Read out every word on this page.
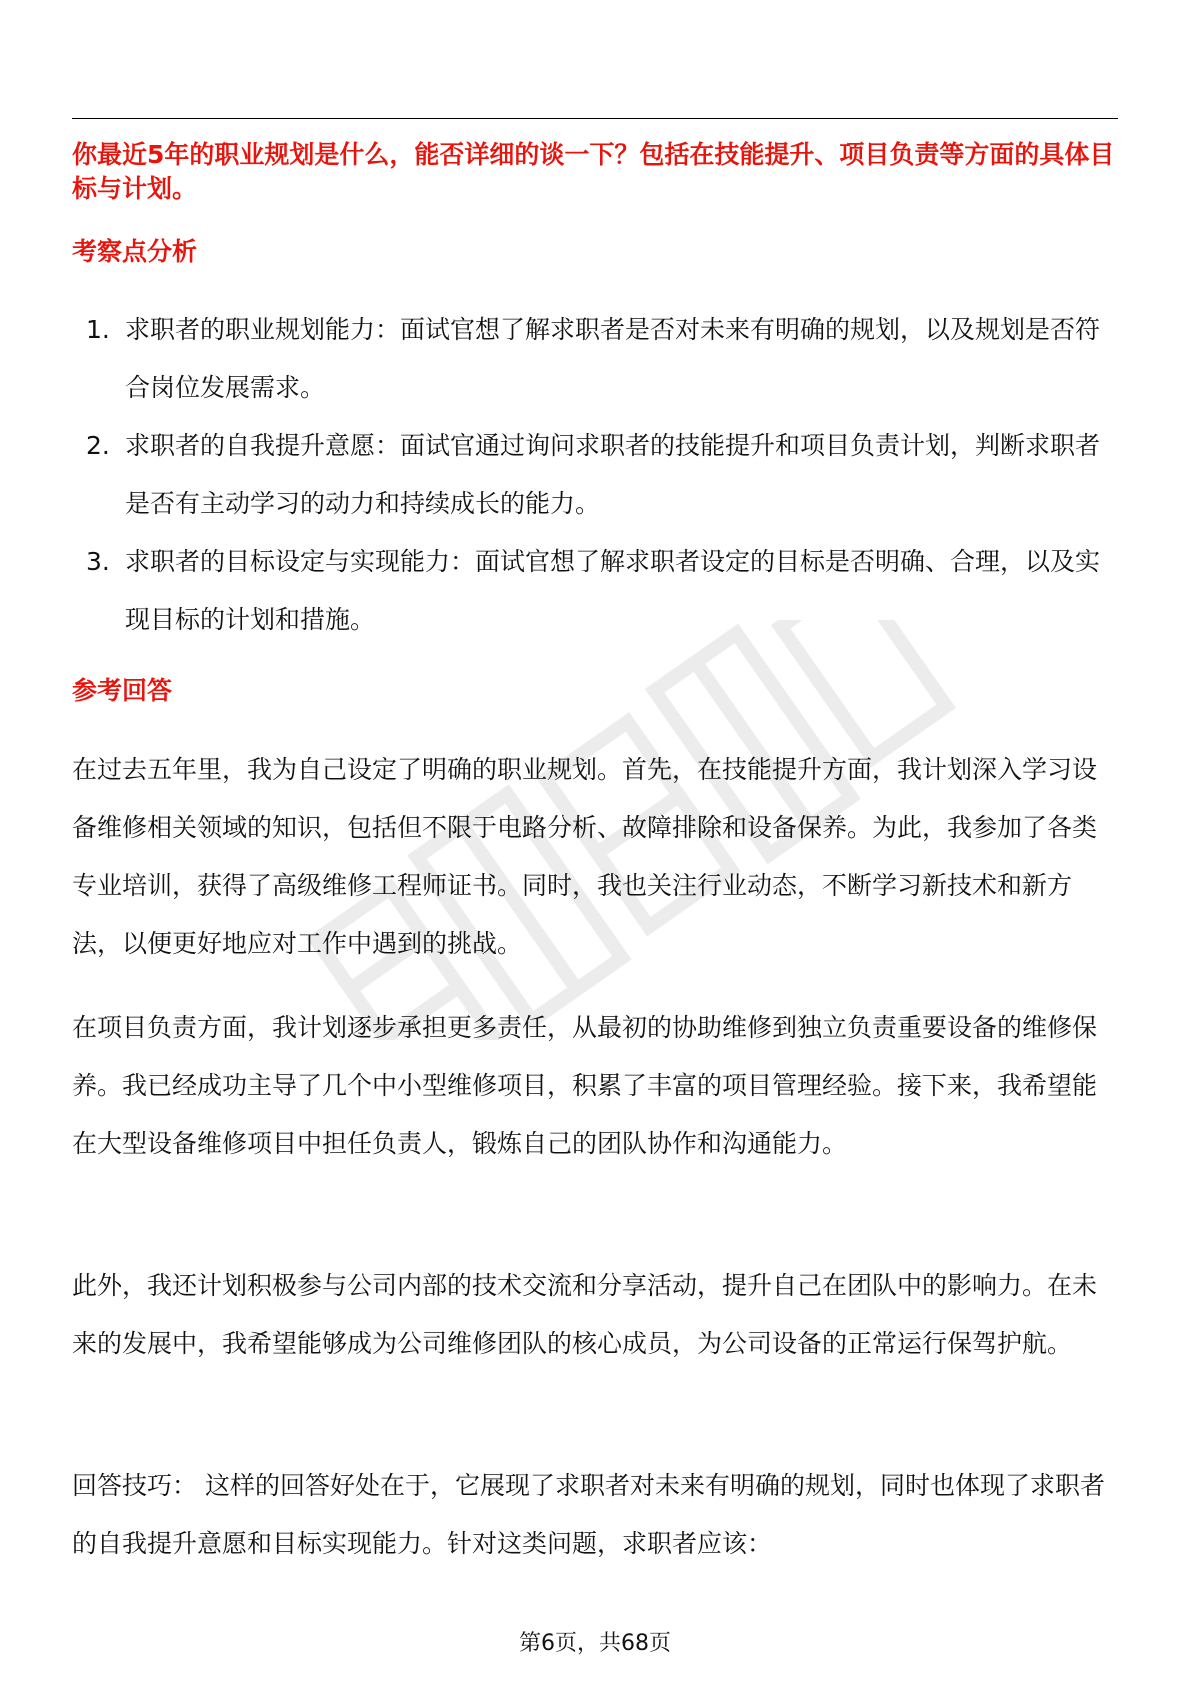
你最近5年的职业规划是什么，能否详细的谈一下？包括在技能提升、项目负责等方面的具体目标与计划。
考察点分析
1. 求职者的职业规划能力：面试官想了解求职者是否对未来有明确的规划，以及规划是否符合岗位发展需求。
2. 求职者的自我提升意愿：面试官通过询问求职者的技能提升和项目负责计划，判断求职者是否有主动学习的动力和持续成长的能力。
3. 求职者的目标设定与实现能力：面试官想了解求职者设定的目标是否明确、合理，以及实现目标的计划和措施。
参考回答

在过去五年里，我为自己设定了明确的职业规划。首先，在技能提升方面，我计划深入学习设备维修相关领域的知识，包括但不限于电路分析、故障排除和设备保养。为此，我参加了各类专业培训，获得了高级维修工程师证书。同时，我也关注行业动态，不断学习新技术和新方法，以便更好地应对工作中遇到的挑战。

在项目负责方面，我计划逐步承担更多责任，从最初的协助维修到独立负责重要设备的维修保养。我已经成功主导了几个中小型维修项目，积累了丰富的项目管理经验。接下来，我希望能在大型设备维修项目中担任负责人，锻炼自己的团队协作和沟通能力。

此外，我还计划积极参与公司内部的技术交流和分享活动，提升自己在团队中的影响力。在未来的发展中，我希望能够成为公司维修团队的核心成员，为公司设备的正常运行保驾护航。

回答技巧： 这样的回答好处在于，它展现了求职者对未来有明确的规划，同时也体现了求职者的自我提升意愿和目标实现能力。针对这类问题，求职者应该：

第6页，共68页
